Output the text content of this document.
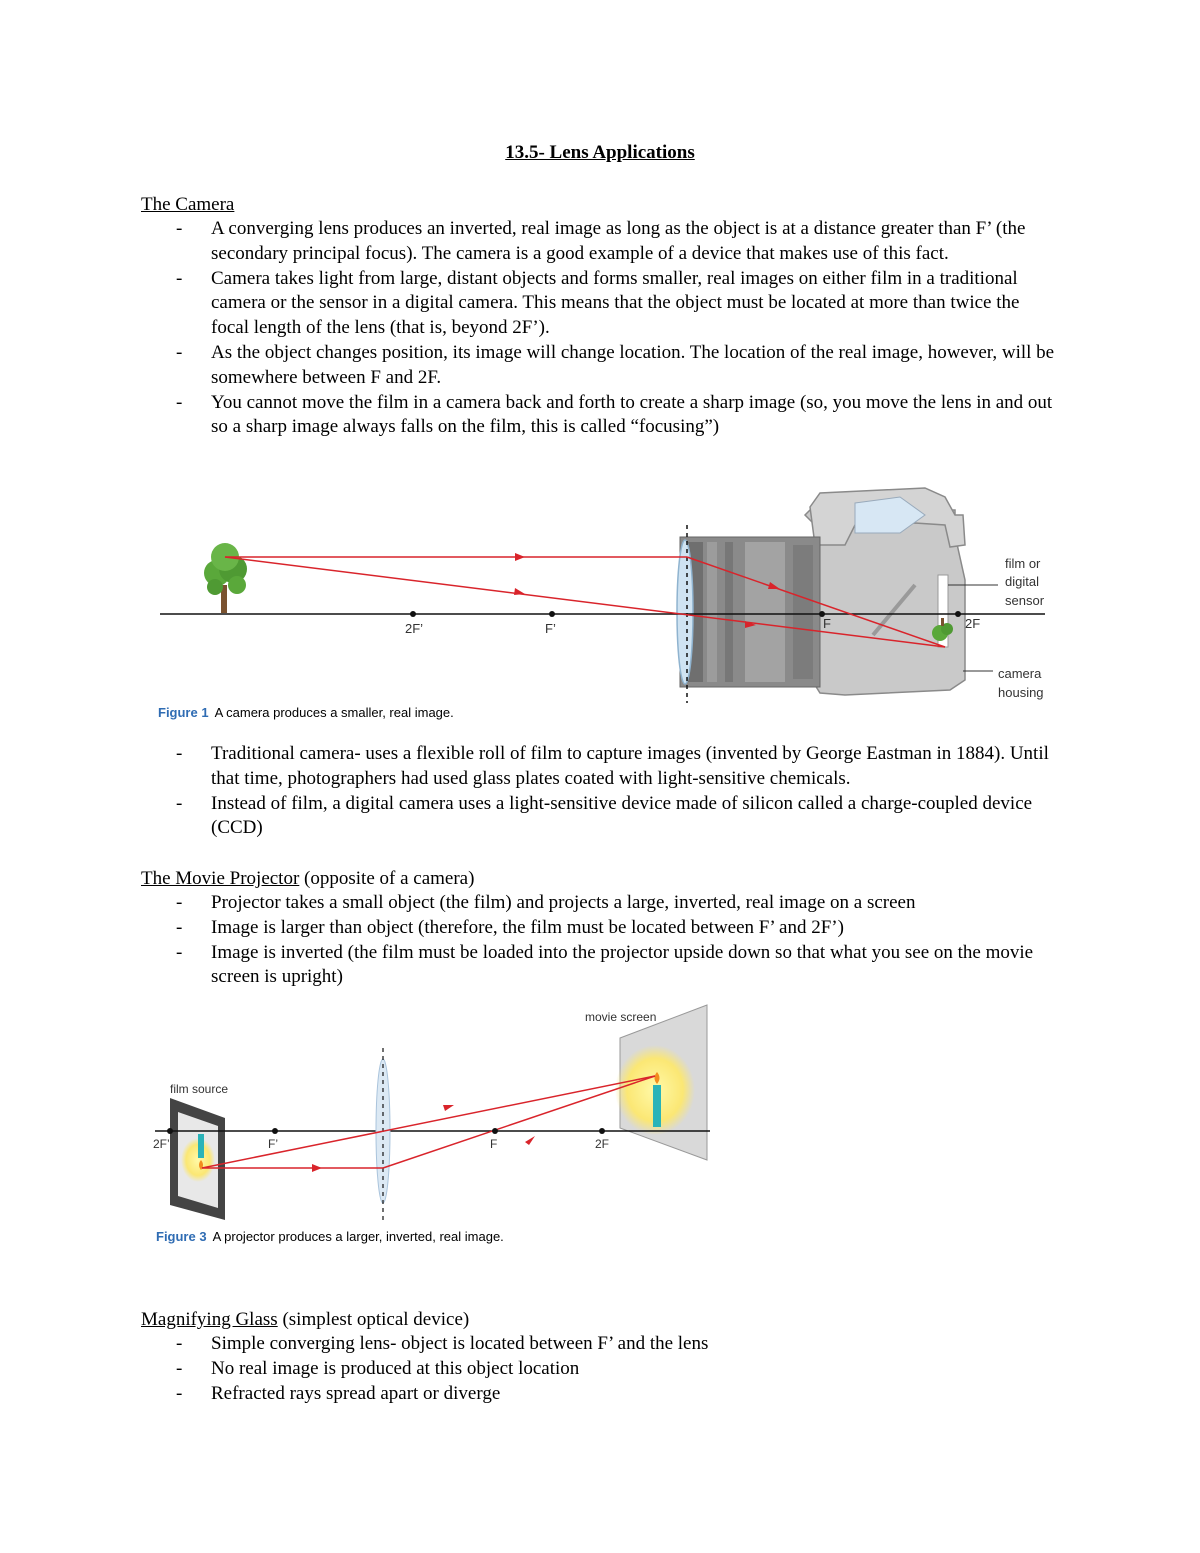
13.5- Lens Applications
The Camera
- A converging lens produces an inverted, real image as long as the object is at a distance greater than F’ (the secondary principal focus). The camera is a good example of a device that makes use of this fact.
- Camera takes light from large, distant objects and forms smaller, real images on either film in a traditional camera or the sensor in a digital camera. This means that the object must be located at more than twice the focal length of the lens (that is, beyond 2F’).
- As the object changes position, its image will change location. The location of the real image, however, will be somewhere between F and 2F.
- You cannot move the film in a camera back and forth to create a sharp image (so, you move the lens in and out so a sharp image always falls on the film, this is called “focusing”)
2F’	F’	F	2F
film or
digital
sensor
camera
housing
Figure 1 A camera produces a smaller, real image.
- Traditional camera- uses a flexible roll of film to capture images (invented by George Eastman in 1884). Until that time, photographers had used glass plates coated with light-sensitive chemicals.
- Instead of film, a digital camera uses a light-sensitive device made of silicon called a charge-coupled device (CCD)
The Movie Projector (opposite of a camera)
- Projector takes a small object (the film) and projects a large, inverted, real image on a screen
- Image is larger than object (therefore, the film must be located between F’ and 2F’)
- Image is inverted (the film must be loaded into the projector upside down so that what you see on the movie screen is upright)
movie screen
film source
2F’	F’	F	2F
Figure 3 A projector produces a larger, inverted, real image.
Magnifying Glass (simplest optical device)
- Simple converging lens- object is located between F’ and the lens
- No real image is produced at this object location
- Refracted rays spread apart or diverge
